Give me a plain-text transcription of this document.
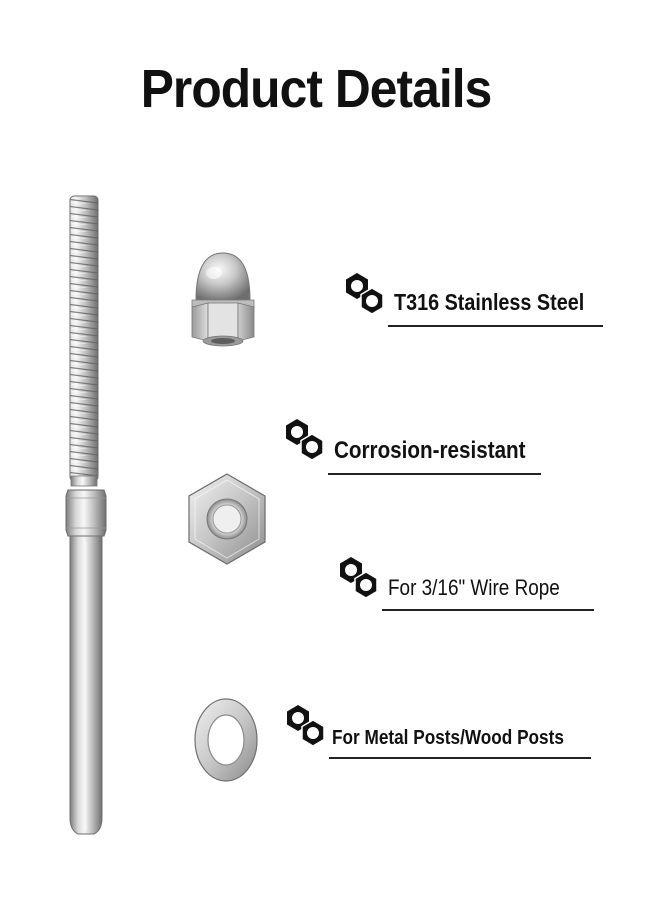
Product Details
T316 Stainless Steel
Corrosion-resistant
For 3/16" Wire Rope
For Metal Posts/Wood Posts
